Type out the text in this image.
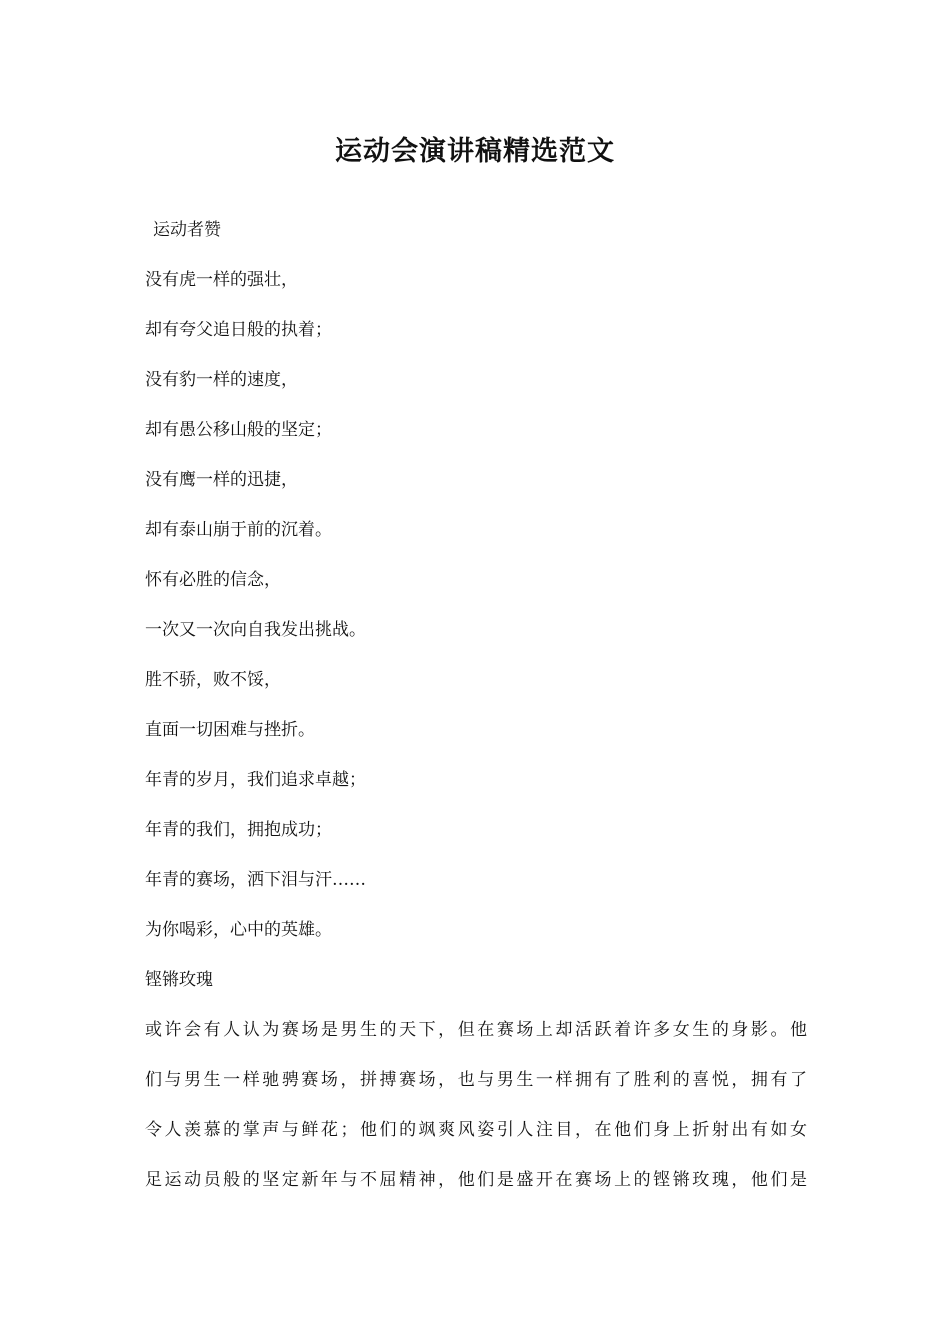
运动会演讲稿精选范文
运动者赞
没有虎一样的强壮，
却有夸父追日般的执着；
没有豹一样的速度，
却有愚公移山般的坚定；
没有鹰一样的迅捷，
却有泰山崩于前的沉着。
怀有必胜的信念，
一次又一次向自我发出挑战。
胜不骄，败不馁，
直面一切困难与挫折。
年青的岁月，我们追求卓越；
年青的我们，拥抱成功；
年青的赛场，洒下泪与汗……
为你喝彩，心中的英雄。
铿锵玫瑰

或许会有人认为赛场是男生的天下，但在赛场上却活跃着许多女生的身影。他
们与男生一样驰骋赛场，拼搏赛场，也与男生一样拥有了胜利的喜悦，拥有了
令人羡慕的掌声与鲜花；他们的飒爽风姿引人注目，在他们身上折射出有如女
足运动员般的坚定新年与不屈精神，他们是盛开在赛场上的铿锵玫瑰，他们是
